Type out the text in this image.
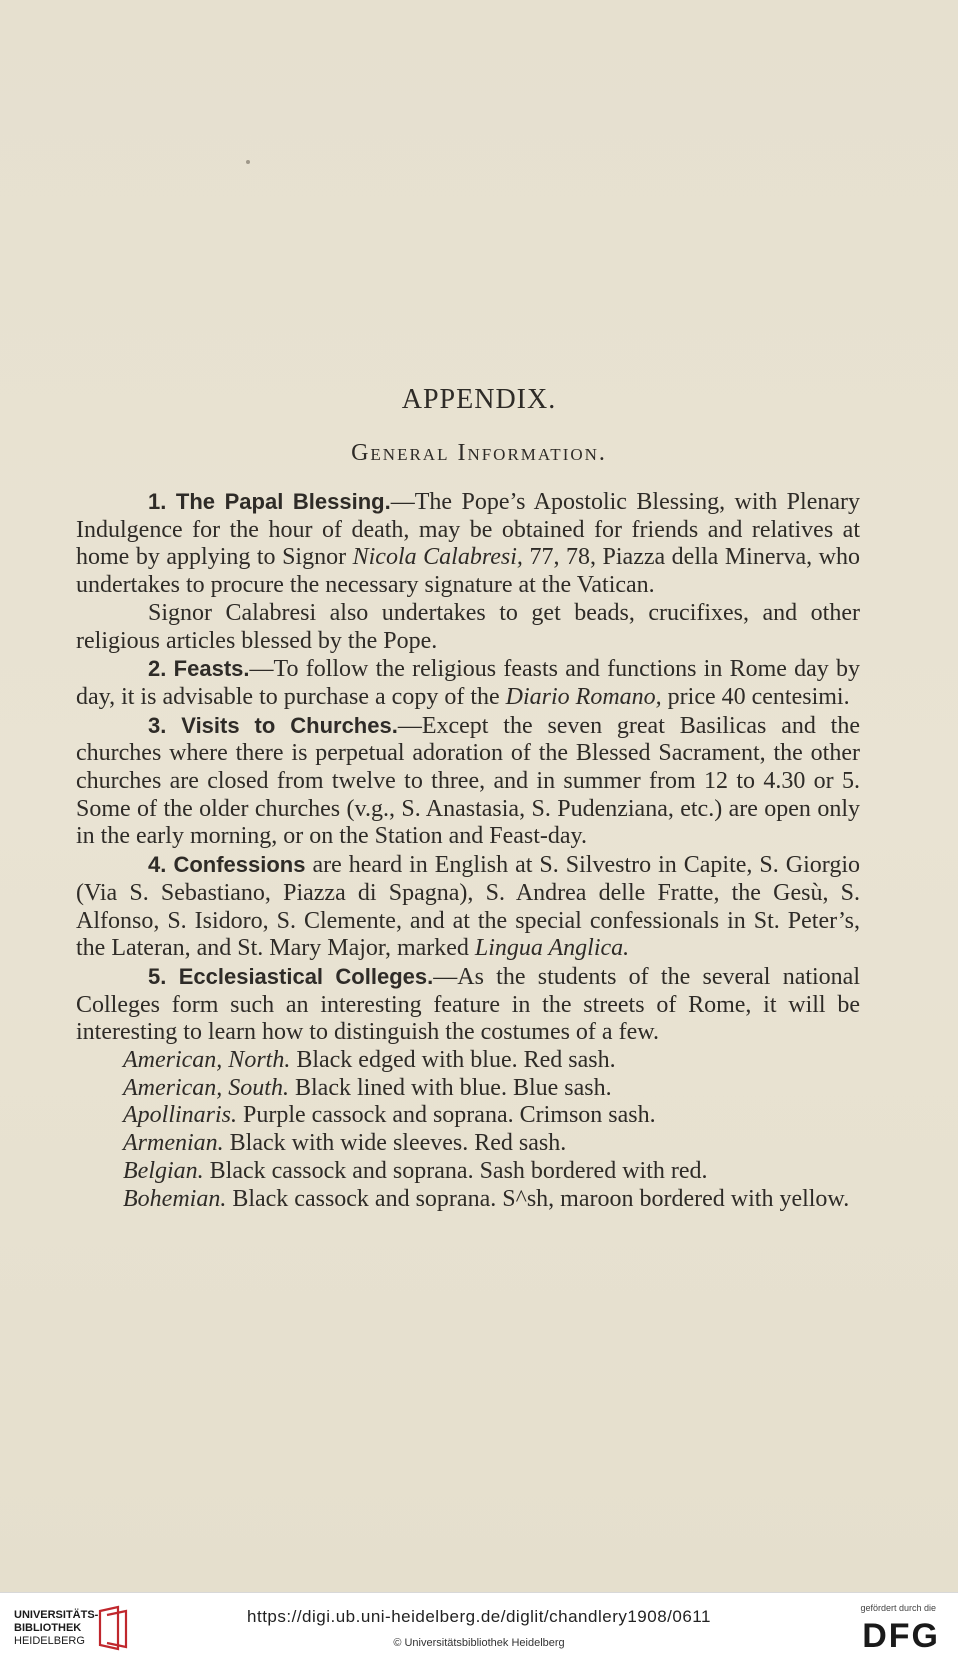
APPENDIX.
General Information.

1. The Papal Blessing.—The Pope’s Apostolic Blessing, with Plenary Indulgence for the hour of death, may be obtained for friends and relatives at home by applying to Signor Nicola Calabresi, 77, 78, Piazza della Minerva, who undertakes to procure the necessary signature at the Vatican.

Signor Calabresi also undertakes to get beads, crucifixes, and other religious articles blessed by the Pope.

2. Feasts.—To follow the religious feasts and functions in Rome day by day, it is advisable to purchase a copy of the Diario Romano, price 40 centesimi.

3. Visits to Churches.—Except the seven great Basilicas and the churches where there is perpetual adoration of the Blessed Sacrament, the other churches are closed from twelve to three, and in summer from 12 to 4.30 or 5. Some of the older churches (v.g., S. Anastasia, S. Pudenziana, etc.) are open only in the early morning, or on the Station and Feast-day.

4. Confessions are heard in English at S. Silvestro in Capite, S. Giorgio (Via S. Sebastiano, Piazza di Spagna), S. Andrea delle Fratte, the Gesù, S. Alfonso, S. Isidoro, S. Clemente, and at the special confessionals in St. Peter’s, the Lateran, and St. Mary Major, marked Lingua Anglica.

5. Ecclesiastical Colleges.—As the students of the several national Colleges form such an interesting feature in the streets of Rome, it will be interesting to learn how to distinguish the costumes of a few.

American, North. Black edged with blue. Red sash.

American, South. Black lined with blue. Blue sash.

Apollinaris. Purple cassock and soprana. Crimson sash.

Armenian. Black with wide sleeves. Red sash.

Belgian. Black cassock and soprana. Sash bordered with red.

Bohemian. Black cassock and soprana. S^sh, maroon bordered with yellow.

UNIVERSITÄTS-
BIBLIOTHEK
HEIDELBERG
https://digi.ub.uni-heidelberg.de/diglit/chandlery1908/0611
© Universitätsbibliothek Heidelberg
gefördert durch die
DFG
